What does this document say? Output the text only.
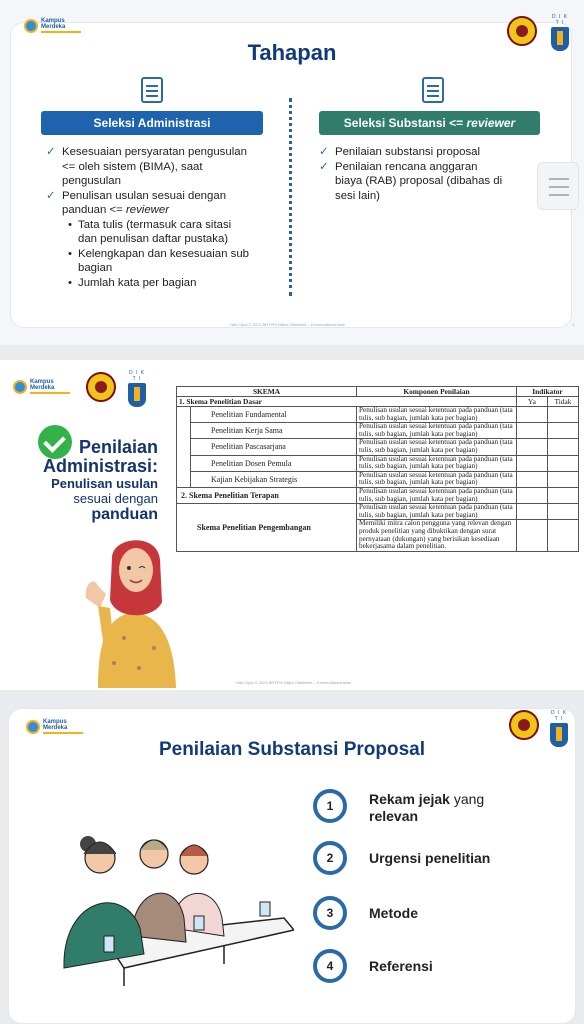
Kampus
Merdeka
D I K T I
Tahapan
Seleksi Administrasi	Seleksi Substansi <= reviewer
✓ Kesesuaian persyaratan pengusulan
<= oleh sistem (BIMA), saat
pengusulan
✓ Penulisan usulan sesuai dengan
panduan <= reviewer
• Tata tulis (termasuk cara sitasi
dan penulisan daftar pustaka)
• Kelengkapan dan kesesuaian sub
bagian
• Jumlah kata per bagian
✓ Penilaian substansi proposal
✓ Penilaian rencana anggaran
biaya (RAB) proposal (dibahas di
sesi lain)
Hak Cipta © 2023 BRTPM Ditjen Diktiristek – Kemendikbudristek	1
Kampus
Merdeka
D I K T I
Penilaian
Administrasi:
Penulisan usulan
sesuai dengan
panduan
SKEMA		Komponen Penilaian	Indikator	
1. Skema Penelitian Dasar			Ya	Tidak
	Penelitian Fundamental	Penulisan usulan sesuai ketentuan pada panduan (tata tulis, sub bagian, jumlah kata per bagian)		
	Penelitian Kerja Sama	Penulisan usulan sesuai ketentuan pada panduan (tata tulis, sub bagian, jumlah kata per bagian)		
	Penelitian Pascasarjana	Penulisan usulan sesuai ketentuan pada panduan (tata tulis, sub bagian, jumlah kata per bagian)		
	Penelitian Dosen Pemula	Penulisan usulan sesuai ketentuan pada panduan (tata tulis, sub bagian, jumlah kata per bagian)		
	Kajian Kebijakan Strategis	Penulisan usulan sesuai ketentuan pada panduan (tata tulis, sub bagian, jumlah kata per bagian)		
2. Skema Penelitian Terapan		Penulisan usulan sesuai ketentuan pada panduan (tata tulis, sub bagian, jumlah kata per bagian)		
Skema Penelitian Pengembangan		Penulisan usulan sesuai ketentuan pada panduan (tata tulis, sub bagian, jumlah kata per bagian)		
		Memiliki mitra calon pengguna yang relevan dengan produk penelitian yang dibuktikan dengan surat pernyataan (dukungan) yang berisikan kesediaan bekerjasama dalam penelitian.		
Hak Cipta © 2023 BRTPM Ditjen Diktiristek – Kemendikbudristek
Kampus
Merdeka
D I K T I
Penilaian Substansi Proposal
1	Rekam jejak yang
relevan
2	Urgensi penelitian
3	Metode
4	Referensi
